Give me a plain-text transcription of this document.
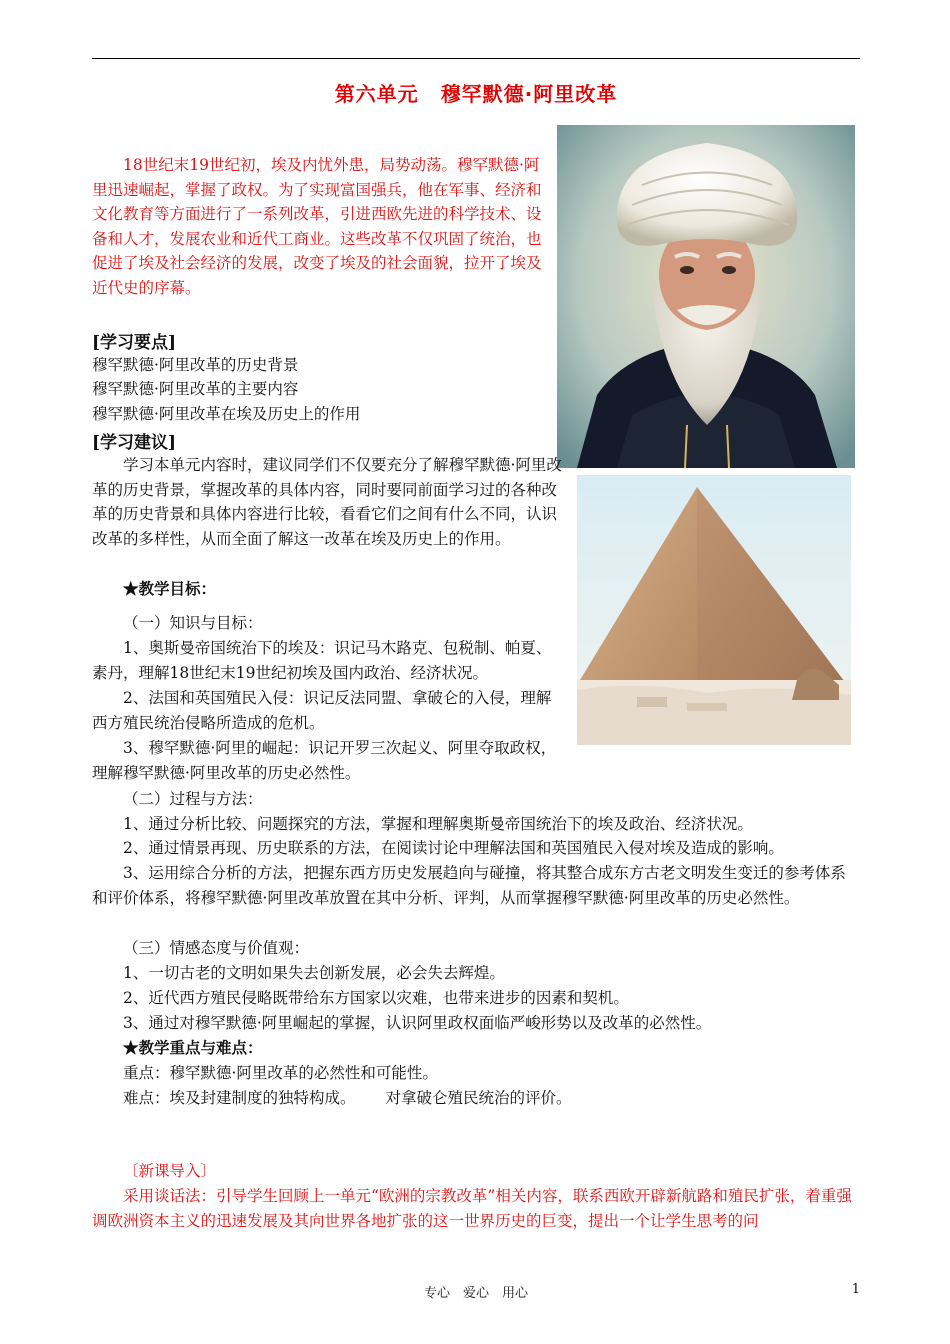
第六单元 穆罕默德·阿里改革
18世纪末19世纪初，埃及内忧外患，局势动荡。穆罕默德·阿里迅速崛起，掌握了政权。为了实现富国强兵，他在军事、经济和文化教育等方面进行了一系列改革，引进西欧先进的科学技术、设备和人才，发展农业和近代工商业。这些改革不仅巩固了统治，也促进了埃及社会经济的发展，改变了埃及的社会面貌，拉开了埃及近代史的序幕。
[学习要点]
穆罕默德·阿里改革的历史背景
穆罕默德·阿里改革的主要内容
穆罕默德·阿里改革在埃及历史上的作用
[学习建议]
学习本单元内容时，建议同学们不仅要充分了解穆罕默德·阿里改革的历史背景，掌握改革的具体内容，同时要同前面学习过的各种改革的历史背景和具体内容进行比较，看看它们之间有什么不同，认识改革的多样性，从而全面了解这一改革在埃及历史上的作用。
★教学目标：
（一）知识与目标：
1、奥斯曼帝国统治下的埃及：识记马木路克、包税制、帕夏、素丹，理解18世纪末19世纪初埃及国内政治、经济状况。
2、法国和英国殖民入侵：识记反法同盟、拿破仑的入侵，理解西方殖民统治侵略所造成的危机。
3、穆罕默德·阿里的崛起：识记开罗三次起义、阿里夺取政权，理解穆罕默德·阿里改革的历史必然性。
（二）过程与方法：
1、通过分析比较、问题探究的方法，掌握和理解奥斯曼帝国统治下的埃及政治、经济状况。
2、通过情景再现、历史联系的方法，在阅读讨论中理解法国和英国殖民入侵对埃及造成的影响。
3、运用综合分析的方法，把握东西方历史发展趋向与碰撞，将其整合成东方古老文明发生变迁的参考体系和评价体系，将穆罕默德·阿里改革放置在其中分析、评判，从而掌握穆罕默德·阿里改革的历史必然性。
（三）情感态度与价值观：
1、一切古老的文明如果失去创新发展，必会失去辉煌。
2、近代西方殖民侵略既带给东方国家以灾难，也带来进步的因素和契机。
3、通过对穆罕默德·阿里崛起的掌握，认识阿里政权面临严峻形势以及改革的必然性。
★教学重点与难点：
重点：穆罕默德·阿里改革的必然性和可能性。
难点：埃及封建制度的独特构成。 对拿破仑殖民统治的评价。
〔新课导入〕
采用谈话法：引导学生回顾上一单元“欧洲的宗教改革”相关内容，联系西欧开辟新航路和殖民扩张，着重强调欧洲资本主义的迅速发展及其向世界各地扩张的这一世界历史的巨变，提出一个让学生思考的问
专心　爱心　用心	1
